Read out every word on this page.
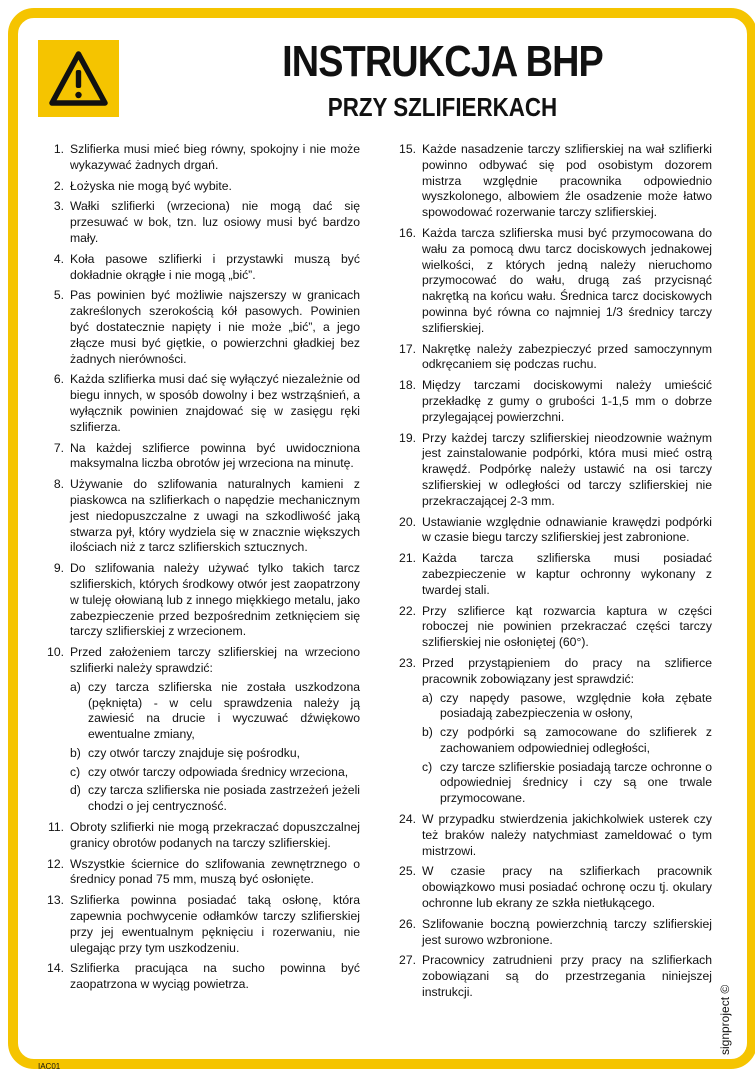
INSTRUKCJA BHP
PRZY SZLIFIERKACH
1. Szlifierka musi mieć bieg równy, spokojny i nie może wykazywać żadnych drgań.
2. Łożyska nie mogą być wybite.
3. Wałki szlifierki (wrzeciona) nie mogą dać się przesuwać w bok, tzn. luz osiowy musi być bardzo mały.
4. Koła pasowe szlifierki i przystawki muszą być dokładnie okrągłe i nie mogą „bić”.
5. Pas powinien być możliwie najszerszy w granicach zakreślonych szerokością kół pasowych. Powinien być dostatecznie napięty i nie może „bić”, a jego złącze musi być giętkie, o powierzchni gładkiej bez żadnych nierówności.
6. Każda szlifierka musi dać się wyłączyć niezależnie od biegu innych, w sposób dowolny i bez wstrząśnień, a wyłącznik powinien znajdować się w zasięgu ręki szlifierza.
7. Na każdej szlifierce powinna być uwidoczniona maksymalna liczba obrotów jej wrzeciona na minutę.
8. Używanie do szlifowania naturalnych kamieni z piaskowca na szlifierkach o napędzie mechanicznym jest niedopuszczalne z uwagi na szkodliwość jaką stwarza pył, który wydziela się w znacznie większych ilościach niż z tarcz szlifierskich sztucznych.
9. Do szlifowania należy używać tylko takich tarcz szlifierskich, których środkowy otwór jest zaopatrzony w tuleję ołowianą lub z innego miękkiego metalu, jako zabezpieczenie przed bezpośrednim zetknięciem się tarczy szlifierskiej z wrzecionem.
10. Przed założeniem tarczy szlifierskiej na wrzeciono szlifierki należy sprawdzić:
a) czy tarcza szlifierska nie została uszkodzona (pęknięta) - w celu sprawdzenia należy ją zawiesić na drucie i wyczuwać dźwiękowo ewentualne zmiany,
b) czy otwór tarczy znajduje się pośrodku,
c) czy otwór tarczy odpowiada średnicy wrzeciona,
d) czy tarcza szlifierska nie posiada zastrzeżeń jeżeli chodzi o jej centryczność.
11. Obroty szlifierki nie mogą przekraczać dopuszczalnej granicy obrotów podanych na tarczy szlifierskiej.
12. Wszystkie ściernice do szlifowania zewnętrznego o średnicy ponad 75 mm, muszą być osłonięte.
13. Szlifierka powinna posiadać taką osłonę, która zapewnia pochwycenie odłamków tarczy szlifierskiej przy jej ewentualnym pęknięciu i rozerwaniu, nie ulegając przy tym uszkodzeniu.
14. Szlifierka pracująca na sucho powinna być zaopatrzona w wyciąg powietrza.
15. Każde nasadzenie tarczy szlifierskiej na wał szlifierki powinno odbywać się pod osobistym dozorem mistrza względnie pracownika odpowiednio wyszkolonego, albowiem źle osadzenie może łatwo spowodować rozerwanie tarczy szlifierskiej.
16. Każda tarcza szlifierska musi być przymocowana do wału za pomocą dwu tarcz dociskowych jednakowej wielkości, z których jedną należy nieruchomo przymocować do wału, drugą zaś przycisnąć nakrętką na końcu wału. Średnica tarcz dociskowych powinna być równa co najmniej 1/3 średnicy tarczy szlifierskiej.
17. Nakrętkę należy zabezpieczyć przed samoczynnym odkręcaniem się podczas ruchu.
18. Między tarczami dociskowymi należy umieścić przekładkę z gumy o grubości 1-1,5 mm o dobrze przylegającej powierzchni.
19. Przy każdej tarczy szlifierskiej nieodzownie ważnym jest zainstalowanie podpórki, która musi mieć ostrą krawędź. Podpórkę należy ustawić na osi tarczy szlifierskiej w odległości od tarczy szlifierskiej nie przekraczającej 2-3 mm.
20. Ustawianie względnie odnawianie krawędzi podpórki w czasie biegu tarczy szlifierskiej jest zabronione.
21. Każda tarcza szlifierska musi posiadać zabezpieczenie w kaptur ochronny wykonany z twardej stali.
22. Przy szlifierce kąt rozwarcia kaptura w części roboczej nie powinien przekraczać części tarczy szlifierskiej nie osłoniętej (60°).
23. Przed przystąpieniem do pracy na szlifierce pracownik zobowiązany jest sprawdzić:
a) czy napędy pasowe, względnie koła zębate posiadają zabezpieczenia w osłony,
b) czy podpórki są zamocowane do szlifierek z zachowaniem odpowiedniej odległości,
c) czy tarcze szlifierskie posiadają tarcze ochronne o odpowiedniej średnicy i czy są one trwale przymocowane.
24. W przypadku stwierdzenia jakichkolwiek usterek czy też braków należy natychmiast zameldować o tym mistrzowi.
25. W czasie pracy na szlifierkach pracownik obowiązkowo musi posiadać ochronę oczu tj. okulary ochronne lub ekrany ze szkła nietłukącego.
26. Szlifowanie boczną powierzchnią tarczy szlifierskiej jest surowo wzbronione.
27. Pracownicy zatrudnieni przy pracy na szlifierkach zobowiązani są do przestrzegania niniejszej instrukcji.
IAC01
signproject ©
